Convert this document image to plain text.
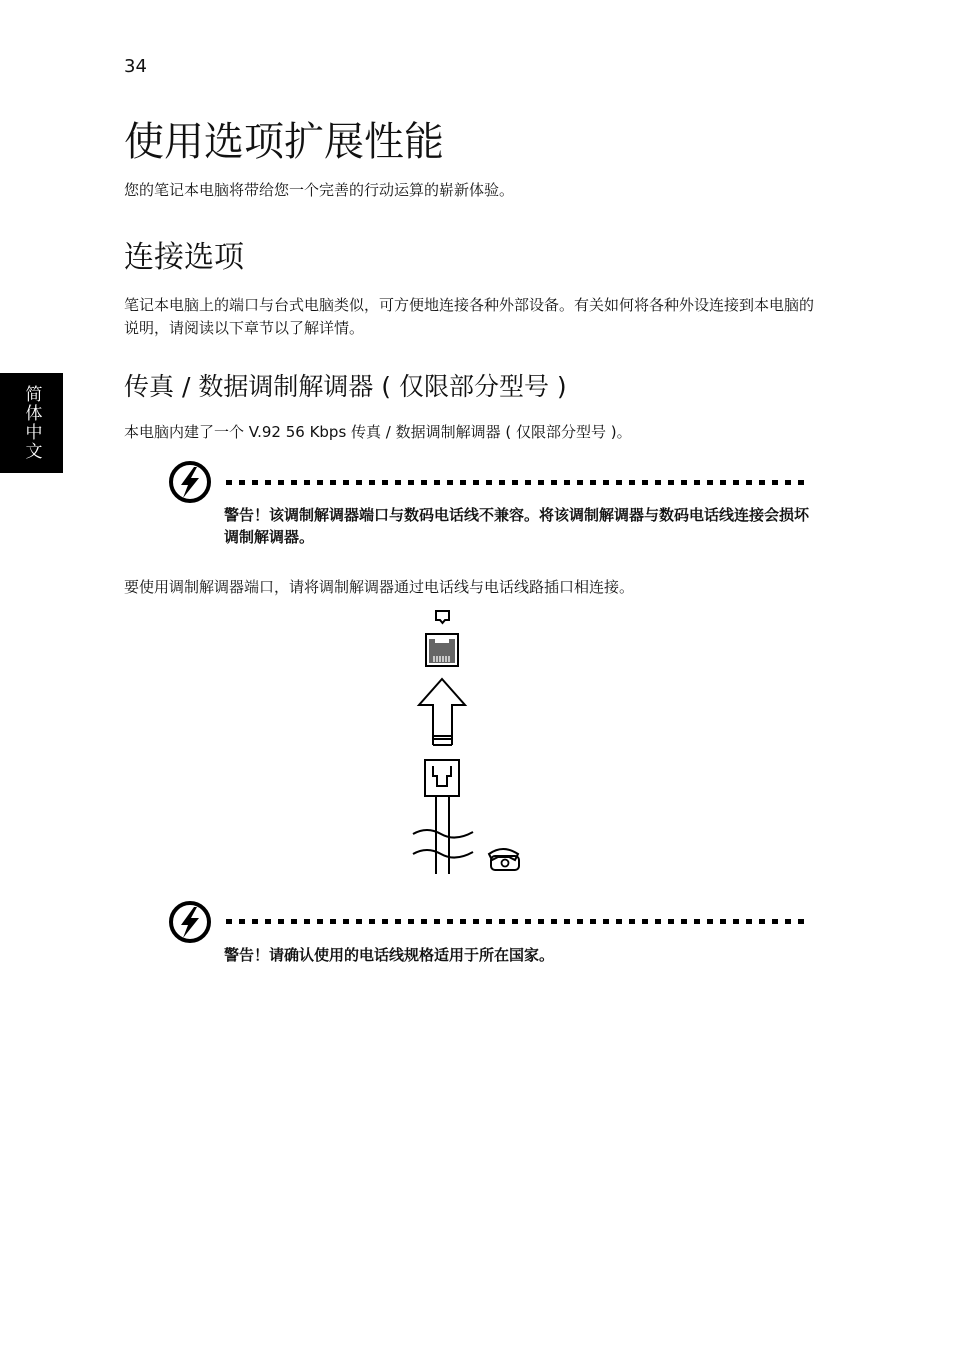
34
使用选项扩展性能
您的笔记本电脑将带给您一个完善的行动运算的崭新体验。
连接选项
笔记本电脑上的端口与台式电脑类似，可方便地连接各种外部设备。有关如何将各种外设连接到本电脑的说明，请阅读以下章节以了解详情。
简体中文	传真 / 数据调制解调器 ( 仅限部分型号 )
本电脑内建了一个 V.92 56 Kbps 传真 / 数据调制解调器 ( 仅限部分型号 )。
警告！该调制解调器端口与数码电话线不兼容。将该调制解调器与数码电话线连接会损坏调制解调器。
要使用调制解调器端口，请将调制解调器通过电话线与电话线路插口相连接。
警告！请确认使用的电话线规格适用于所在国家。
